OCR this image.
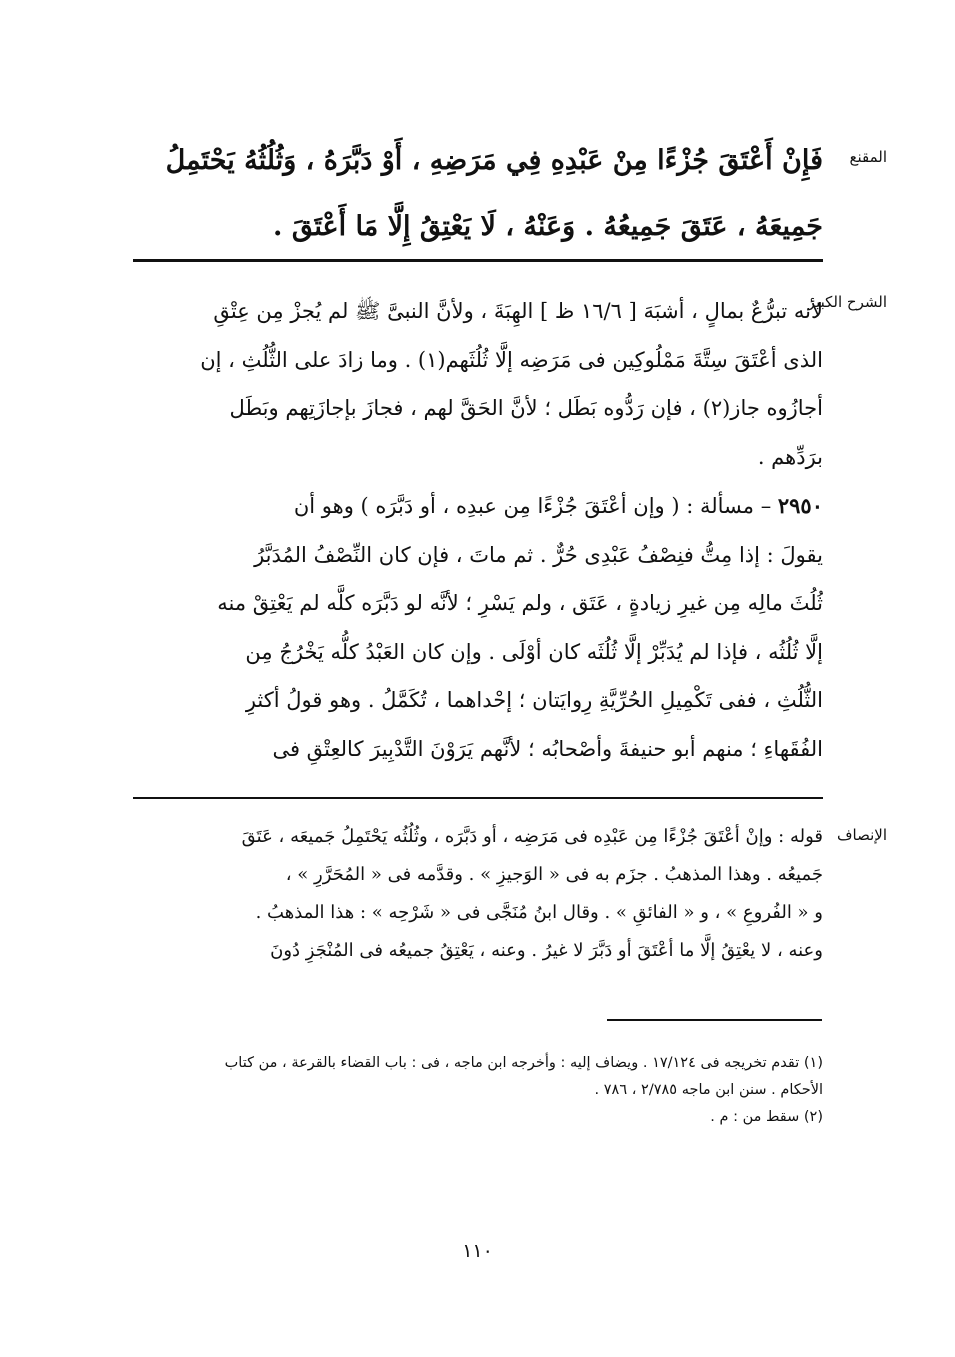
المقنع
فَإِنْ أَعْتَقَ جُزْءًا مِنْ عَبْدِهِ فِي مَرَضِهِ ، أَوْ دَبَّرَهُ ، وَثُلُثُهُ يَحْتَمِلُ
جَمِيعَهُ ، عَتَقَ جَمِيعُهُ . وَعَنْهُ ، لَا يَعْتِقُ إِلَّا مَا أَعْتَقَ .
الشرح الكبير
لأنه تبرُّعٌ بمالٍ ، أشبَهَ [ ١٦/٦ ظ ] الهِبَةَ ، ولأنَّ النبىَّ ﷺ لم يُجزْ مِن عِتْقِ
الذى أعْتَقَ سِتَّةَ مَمْلُوكِين فى مَرَضِه إلَّا ثُلُثَهم(١) . وما زادَ على الثُّلُثِ ، إن
أجازُوه جاز(٢) ، فإن رَدُّوه بَطَل ؛ لأنَّ الحَقَّ لهم ، فجازَ بإجازَتِهم وبَطَل
برَدِّهم .
٢٩٥٠ – مسألة : ( وإن أعْتَقَ جُزْءًا مِن عبدِه ، أو دَبَّرَه ) وهو أن
يقولَ : إذا مِتُّ فنِصْفُ عَبْدِى حُرٌّ . ثم ماتَ ، فإن كان النِّصْفُ المُدَبَّرُ
ثُلُثَ مالِه مِن غيرِ زيادةٍ ، عَتَق ، ولم يَسْرِ ؛ لأنَّه لو دَبَّرَه كلَّه لم يَعْتِقْ منه
إلَّا ثُلُثُه ، فإذا لم يُدَبِّرْ إلَّا ثُلُثَه كان أوْلَى . وإن كان العَبْدُ كلُّه يَخْرُجُ مِن
الثُّلُثِ ، ففى تَكْمِيلِ الحُرِّيَّةِ رِوايَتان ؛ إحْداهما ، تُكَمَّلُ . وهو قولُ أكثرِ
الفُقَهاءِ ؛ منهم أبو حنيفةَ وأصْحابُه ؛ لأنَّهم يَرَوْنَ التَّدْبِيرَ كالعِتْقِ فى
الإنصاف
قوله : وإنْ أعْتَقَ جُزْءًا مِن عَبْدِه فى مَرَضِه ، أو دَبَّرَه ، وثُلُثُه يَحْتَمِلُ جَميعَه ، عَتَقَ
جَميعُه . وهذا المذهبُ . جزَم به فى « الوَجيزِ » . وقدَّمه فى « المُحَرَّرِ » ،
و « الفُروعِ » ، و « الفائقِ » . وقال ابنُ مُنَجَّى فى « شَرْحِه » : هذا المذهبُ .
وعنه ، لا يعْتِقُ إلَّا ما أعْتَقَ أو دَبَّرَ لا غيرُ . وعنه ، يَعْتِقُ جميعُه فى المُنْجَزِ دُونَ
(١) تقدم تخريجه فى ١٧/١٢٤ . ويضاف إليه : وأخرجه ابن ماجه ، فى : باب القضاء بالقرعة ، من كتاب
الأحكام . سنن ابن ماجه ٢/٧٨٥ ، ٧٨٦ .
(٢) سقط من : م .
١١٠
